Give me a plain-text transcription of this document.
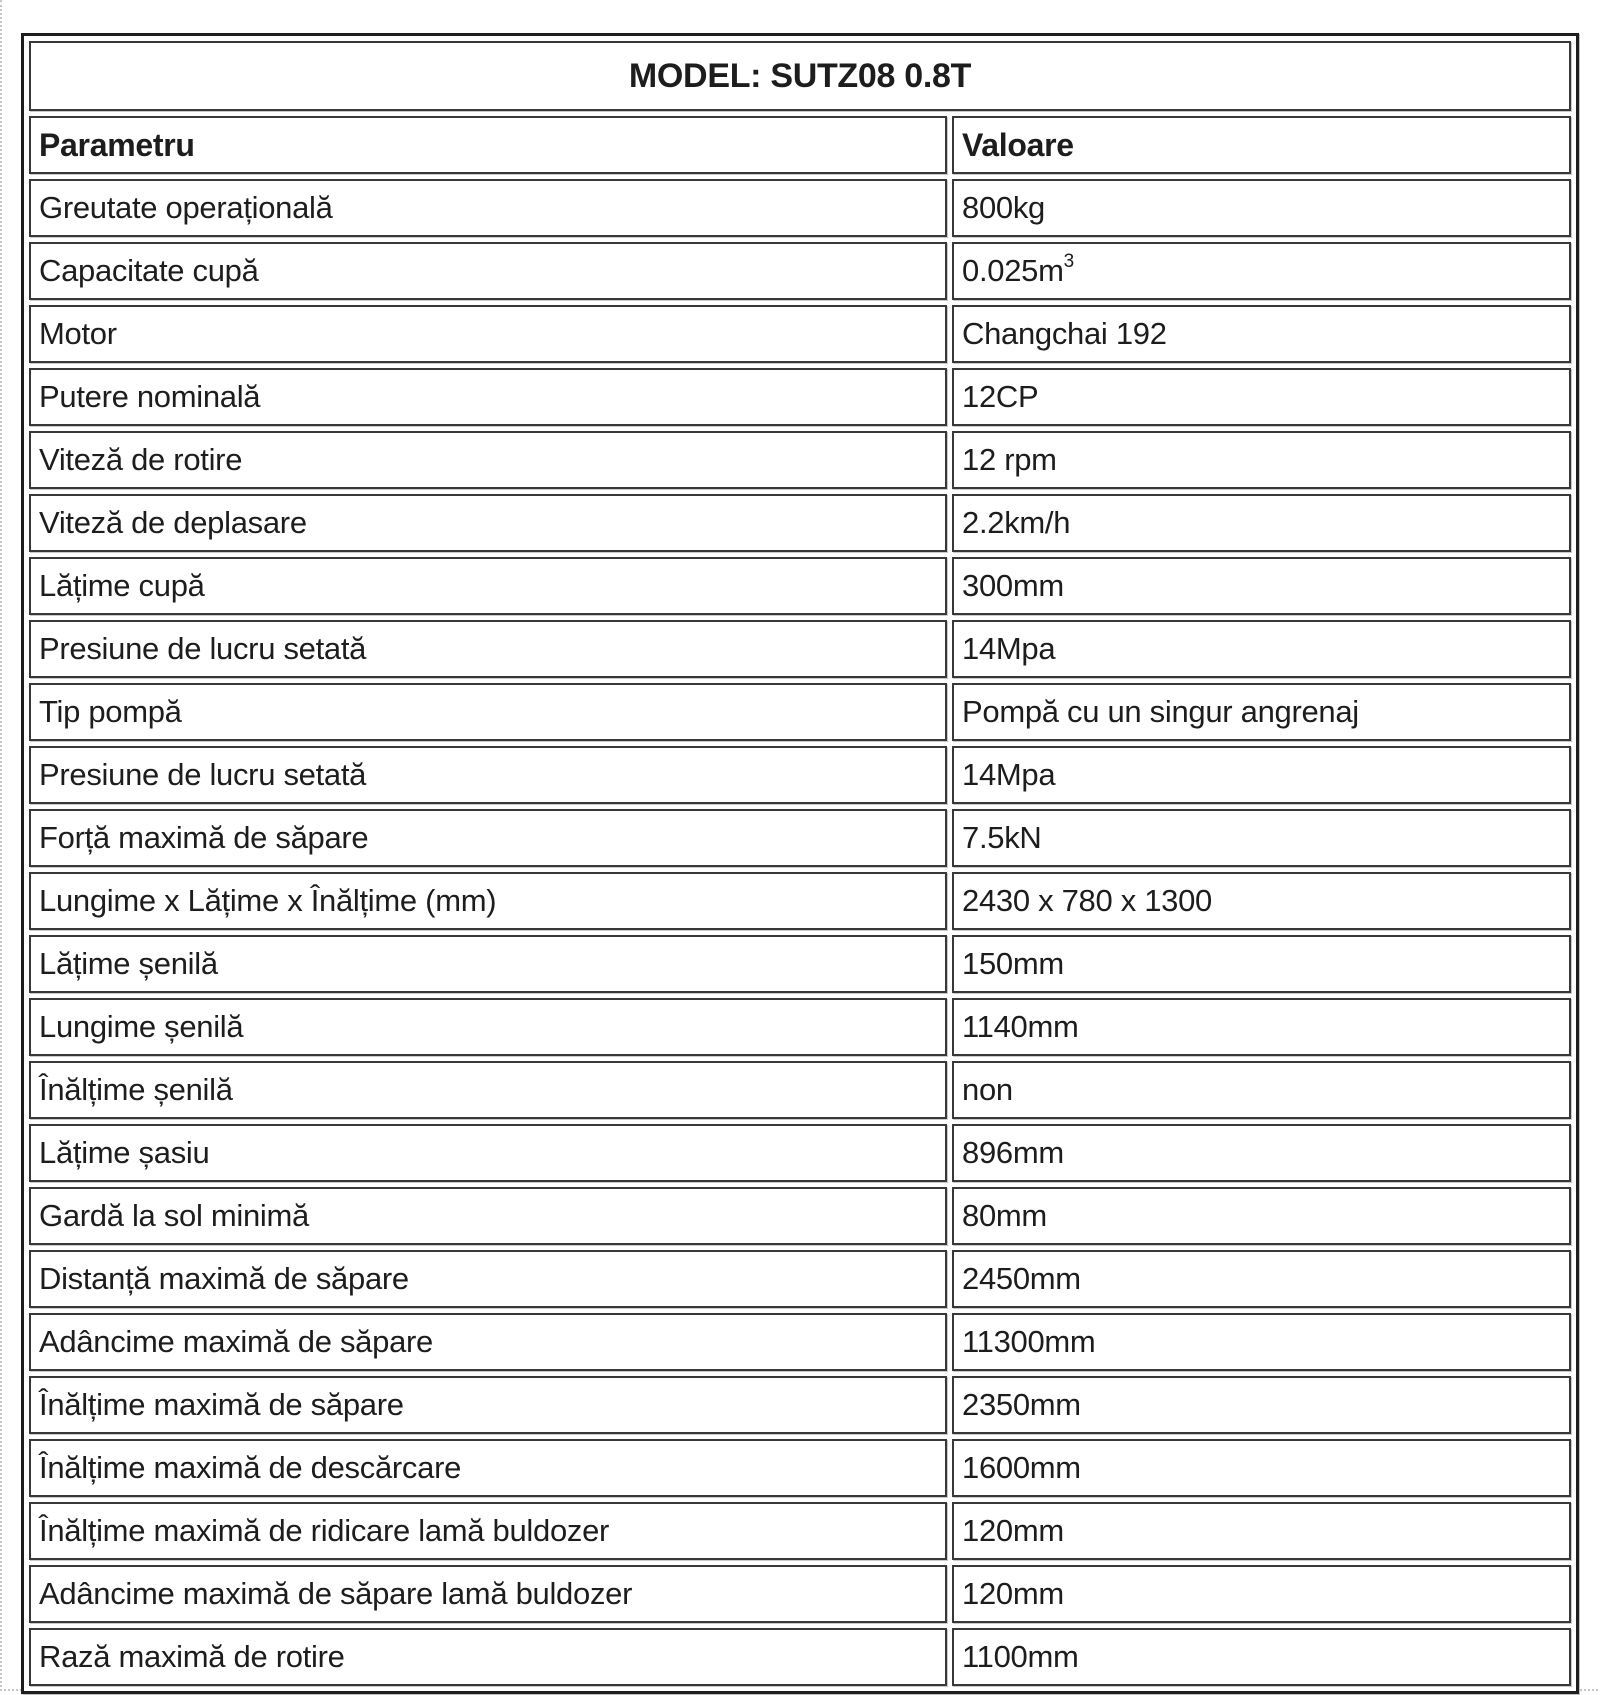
MODEL: SUTZ08 0.8T	
Parametru	Valoare
Greutate operațională	800kg
Capacitate cupă	$0.025m^3$
Motor	Changchai 192
Putere nominală	12CP
Viteză de rotire	12 rpm
Viteză de deplasare	2.2km/h
Lățime cupă	300mm
Presiune de lucru setată	14Mpa
Tip pompă	Pompă cu un singur angrenaj
Presiune de lucru setată	14Mpa
Forță maximă de săpare	7.5kN
Lungime x Lățime x Înălțime (mm)	2430 x 780 x 1300
Lățime șenilă	150mm
Lungime șenilă	1140mm
Înălțime șenilă	non
Lățime șasiu	896mm
Gardă la sol minimă	80mm
Distanță maximă de săpare	2450mm
Adâncime maximă de săpare	11300mm
Înălțime maximă de săpare	2350mm
Înălțime maximă de descărcare	1600mm
Înălțime maximă de ridicare lamă buldozer	120mm
Adâncime maximă de săpare lamă buldozer	120mm
Rază maximă de rotire	1100mm
